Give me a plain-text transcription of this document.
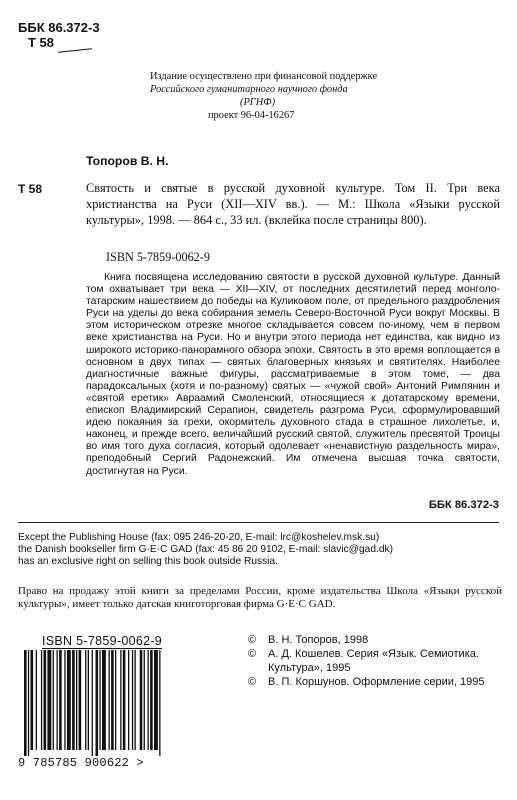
ББК 86.372-3
Т 58
Издание осуществлено при финансовой поддержке
Российского гуманитарного научного фонда
(РГНФ)
проект 96-04-16267
Топоров В. Н.
Т 58	Святость и святые в русской духовной культуре. Том II. Три века христианства на Руси (XII—XIV вв.). — М.: Школа «Языки русской культуры», 1998. — 864 с., 33 ил. (вклейка после страницы 800).
ISBN 5-7859-0062-9
Книга посвящена исследованию святости в русской духовной культуре. Данный том охватывает три века — XII—XIV, от последних десятилетий перед монголо-татарским нашествием до победы на Куликовом поле, от предельного раздробления Руси на уделы до века собирания земель Северо-Восточной Руси вокруг Москвы. В этом историческом отрезке многое складывается совсем по-иному, чем в первом веке христианства на Руси. Но и внутри этого периода нет единства, как видно из широкого историко-панорамного обзора эпохи. Святость в это время воплощается в основном в двух типах — святых благоверных князьях и святителях. Наиболее диагностичные важные фигуры, рассматриваемые в этом томе, — два парадоксальных (хотя и по-разному) святых — «чужой свой» Антоний Римлянин и «святой еретик» Авраамий Смоленский, относящиеся к дотатарскому времени, епископ Владимирский Серапион, свидетель разгрома Руси, сформулировавший идею покаяния за грехи, окормитель духовного стада в страшное лихолетье, и, наконец, и прежде всего, величайший русский святой, служитель пресвятой Троицы во имя того духа согласия, который одолевает «ненавистную раздельность мира», преподобный Сергий Радонежский. Им отмечена высшая точка святости, достигнутая на Руси.
ББК 86.372-3
Except the Publishing House (fax: 095 246-20-20, E-mail: lrc@koshelev.msk.su)
the Danish bookseller firm G·E·C GAD (fax: 45 86 20 9102, E-mail: slavic@gad.dk)
has an exclusive right on selling this book outside Russia.
Право на продажу этой книги за пределами России, кроме издательства Школа «Языки русской культуры», имеет только датская книготорговая фирма G·E·C GAD.
ISBN 5-7859-0062-9
9 785785 900622 >
©	В. Н. Топоров, 1998
©	А. Д. Кошелев. Серия «Язык. Семиотика. Культура», 1995
©	В. П. Коршунов. Оформление серии, 1995
